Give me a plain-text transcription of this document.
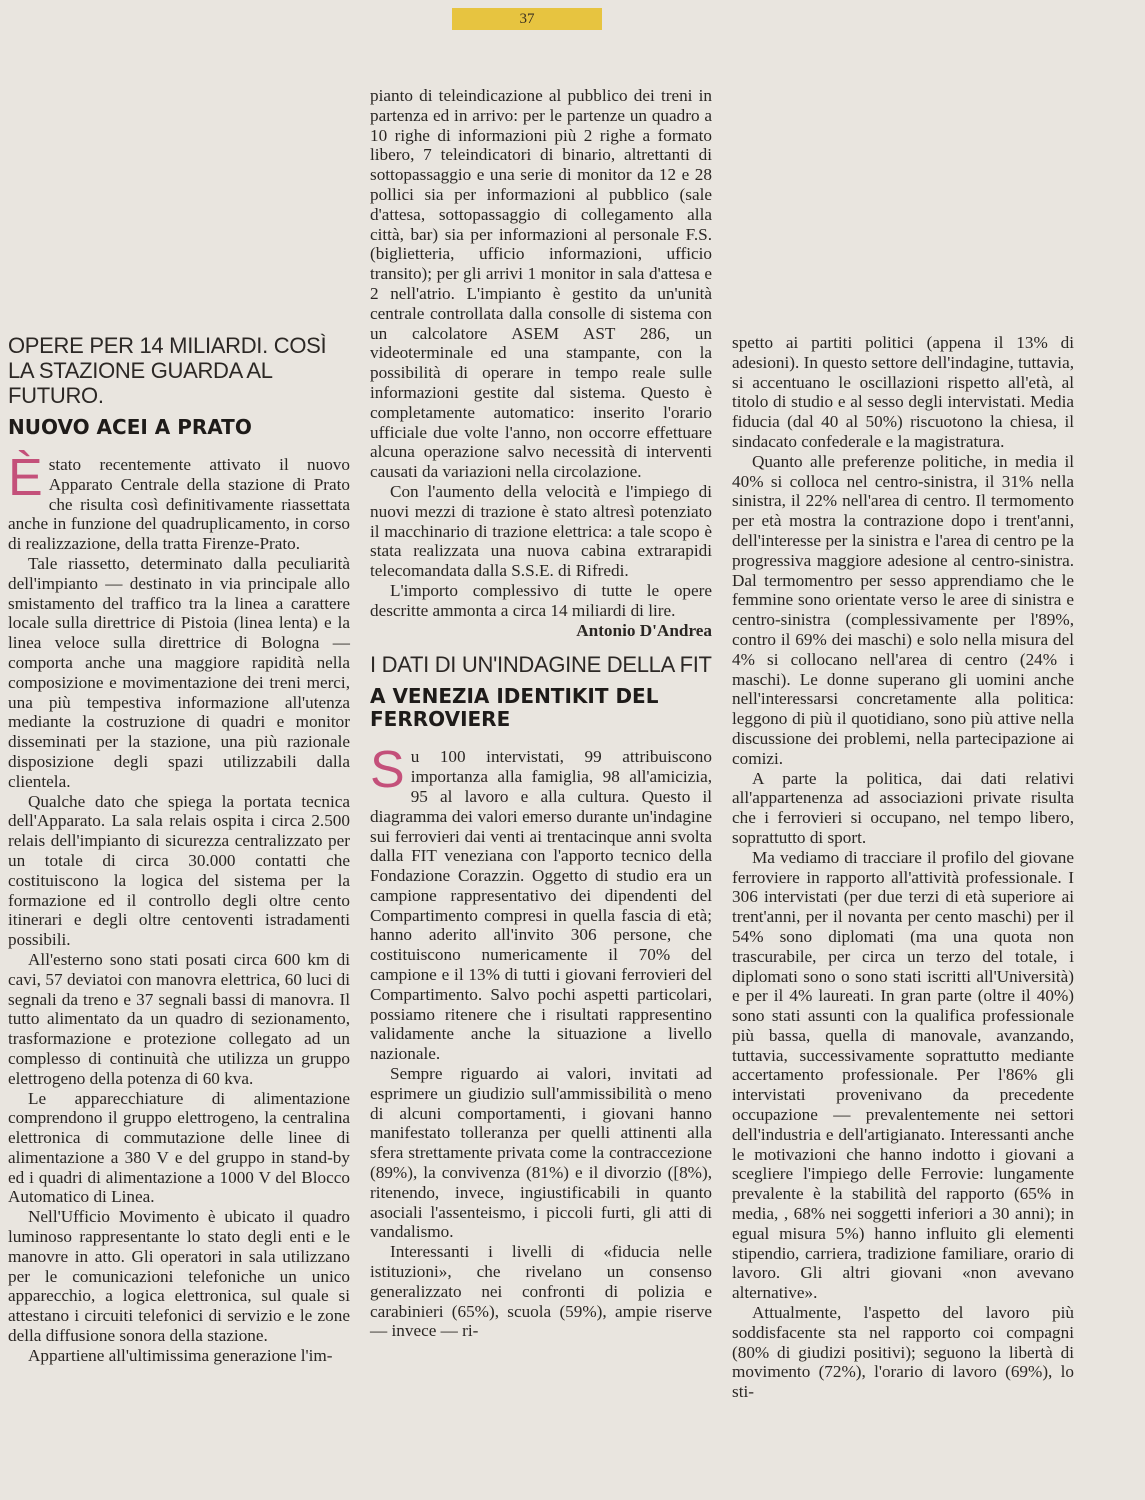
37
OPERE PER 14 MILIARDI. COSÌ LA STAZIONE GUARDA AL FUTURO.
NUOVO ACEI A PRATO

Èstato recentemente attivato il nuovo Apparato Centrale della stazione di Prato che risulta così definitivamente riassettata anche in funzione del quadruplicamento, in corso di realizzazione, della tratta Firenze-Prato.

Tale riassetto, determinato dalla peculiarità dell'impianto — destinato in via principale allo smistamento del traffico tra la linea a carattere locale sulla direttrice di Pistoia (linea lenta) e la linea veloce sulla direttrice di Bologna — comporta anche una maggiore rapidità nella composizione e movimentazione dei treni merci, una più tempestiva informazione all'utenza mediante la costruzione di quadri e monitor disseminati per la stazione, una più razionale disposizione degli spazi utilizzabili dalla clientela.

Qualche dato che spiega la portata tecnica dell'Apparato. La sala relais ospita i circa 2.500 relais dell'impianto di sicurezza centralizzato per un totale di circa 30.000 contatti che costituiscono la logica del sistema per la formazione ed il controllo degli oltre cento itinerari e degli oltre centoventi istradamenti possibili.

All'esterno sono stati posati circa 600 km di cavi, 57 deviatoi con manovra elettrica, 60 luci di segnali da treno e 37 segnali bassi di manovra. Il tutto alimentato da un quadro di sezionamento, trasformazione e protezione collegato ad un complesso di continuità che utilizza un gruppo elettrogeno della potenza di 60 kva.

Le apparecchiature di alimentazione comprendono il gruppo elettrogeno, la centralina elettronica di commutazione delle linee di alimentazione a 380 V e del gruppo in stand-by ed i quadri di alimentazione a 1000 V del Blocco Automatico di Linea.

Nell'Ufficio Movimento è ubicato il quadro luminoso rappresentante lo stato degli enti e le manovre in atto. Gli operatori in sala utilizzano per le comunicazioni telefoniche un unico apparecchio, a logica elettronica, sul quale si attestano i circuiti telefonici di servizio e le zone della diffusione sonora della stazione.

Appartiene all'ultimissima generazione l'im-

pianto di teleindicazione al pubblico dei treni in partenza ed in arrivo: per le partenze un quadro a 10 righe di informazioni più 2 righe a formato libero, 7 teleindicatori di binario, altrettanti di sottopassaggio e una serie di monitor da 12 e 28 pollici sia per informazioni al pubblico (sale d'attesa, sottopassaggio di collegamento alla città, bar) sia per informazioni al personale F.S. (biglietteria, ufficio informazioni, ufficio transito); per gli arrivi 1 monitor in sala d'attesa e 2 nell'atrio. L'impianto è gestito da un'unità centrale controllata dalla consolle di sistema con un calcolatore ASEM AST 286, un videoterminale ed una stampante, con la possibilità di operare in tempo reale sulle informazioni gestite dal sistema. Questo è completamente automatico: inserito l'orario ufficiale due volte l'anno, non occorre effettuare alcuna operazione salvo necessità di interventi causati da variazioni nella circolazione.

Con l'aumento della velocità e l'impiego di nuovi mezzi di trazione è stato altresì potenziato il macchinario di trazione elettrica: a tale scopo è stata realizzata una nuova cabina extrarapidi telecomandata dalla S.S.E. di Rifredi.

L'importo complessivo di tutte le opere descritte ammonta a circa 14 miliardi di lire.

Antonio D'Andrea

I DATI DI UN'INDAGINE DELLA FIT
A VENEZIA IDENTIKIT DEL FERROVIERE

Su 100 intervistati, 99 attribuiscono importanza alla famiglia, 98 all'amicizia, 95 al lavoro e alla cultura. Questo il diagramma dei valori emerso durante un'indagine sui ferrovieri dai venti ai trentacinque anni svolta dalla FIT veneziana con l'apporto tecnico della Fondazione Corazzin. Oggetto di studio era un campione rappresentativo dei dipendenti del Compartimento compresi in quella fascia di età; hanno aderito all'invito 306 persone, che costituiscono numericamente il 70% del campione e il 13% di tutti i giovani ferrovieri del Compartimento. Salvo pochi aspetti particolari, possiamo ritenere che i risultati rappresentino validamente anche la situazione a livello nazionale.

Sempre riguardo ai valori, invitati ad esprimere un giudizio sull'ammissibilità o meno di alcuni comportamenti, i giovani hanno manifestato tolleranza per quelli attinenti alla sfera strettamente privata come la contraccezione (89%), la convivenza (81%) e il divorzio ([8%), ritenendo, invece, ingiustificabili in quanto asociali l'assenteismo, i piccoli furti, gli atti di vandalismo.

Interessanti i livelli di «fiducia nelle istituzioni», che rivelano un consenso generalizzato nei confronti di polizia e carabinieri (65%), scuola (59%), ampie riserve — invece — ri-

spetto ai partiti politici (appena il 13% di adesioni). In questo settore dell'indagine, tuttavia, si accentuano le oscillazioni rispetto all'età, al titolo di studio e al sesso degli intervistati. Media fiducia (dal 40 al 50%) riscuotono la chiesa, il sindacato confederale e la magistratura.

Quanto alle preferenze politiche, in media il 40% si colloca nel centro-sinistra, il 31% nella sinistra, il 22% nell'area di centro. Il termomento per età mostra la contrazione dopo i trent'anni, dell'interesse per la sinistra e l'area di centro pe la progressiva maggiore adesione al centro-sinistra. Dal termomentro per sesso apprendiamo che le femmine sono orientate verso le aree di sinistra e centro-sinistra (complessivamente per l'89%, contro il 69% dei maschi) e solo nella misura del 4% si collocano nell'area di centro (24% i maschi). Le donne superano gli uomini anche nell'interessarsi concretamente alla politica: leggono di più il quotidiano, sono più attive nella discussione dei problemi, nella partecipazione ai comizi.

A parte la politica, dai dati relativi all'appartenenza ad associazioni private risulta che i ferrovieri si occupano, nel tempo libero, soprattutto di sport.

Ma vediamo di tracciare il profilo del giovane ferroviere in rapporto all'attività professionale. I 306 intervistati (per due terzi di età superiore ai trent'anni, per il novanta per cento maschi) per il 54% sono diplomati (ma una quota non trascurabile, per circa un terzo del totale, i diplomati sono o sono stati iscritti all'Università) e per il 4% laureati. In gran parte (oltre il 40%) sono stati assunti con la qualifica professionale più bassa, quella di manovale, avanzando, tuttavia, successivamente soprattutto mediante accertamento professionale. Per l'86% gli intervistati provenivano da precedente occupazione — prevalentemente nei settori dell'industria e dell'artigianato. Interessanti anche le motivazioni che hanno indotto i giovani a scegliere l'impiego delle Ferrovie: lungamente prevalente è la stabilità del rapporto (65% in media, , 68% nei soggetti inferiori a 30 anni); in egual misura 5%) hanno influito gli elementi stipendio, carriera, tradizione familiare, orario di lavoro. Gli altri giovani «non avevano alternative».

Attualmente, l'aspetto del lavoro più soddisfacente sta nel rapporto coi compagni (80% di giudizi positivi); seguono la libertà di movimento (72%), l'orario di lavoro (69%), lo sti-
